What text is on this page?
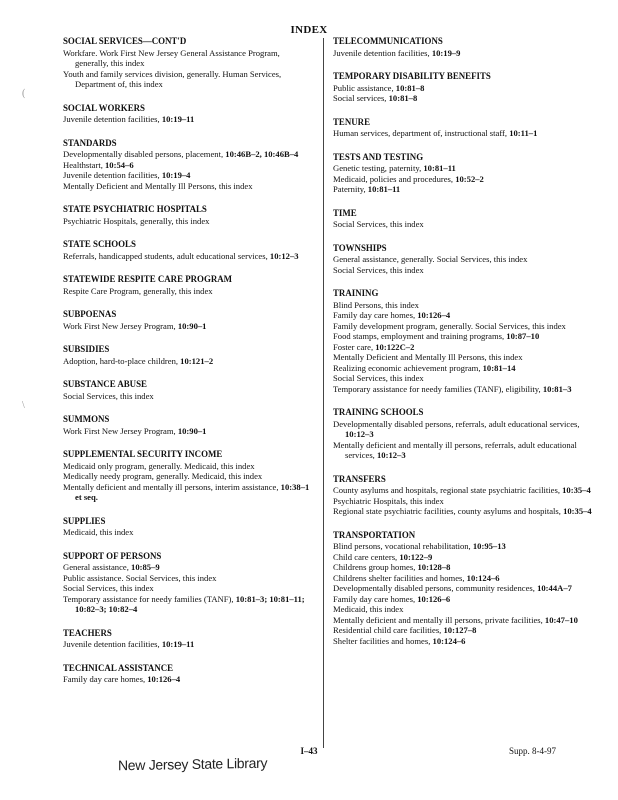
INDEX
SOCIAL SERVICES—CONT'D
Workfare. Work First New Jersey General Assistance Program, generally, this index
Youth and family services division, generally. Human Services, Department of, this index
SOCIAL WORKERS
Juvenile detention facilities, 10:19–11
STANDARDS
Developmentally disabled persons, placement, 10:46B–2, 10:46B–4
Healthstart, 10:54–6
Juvenile detention facilities, 10:19–4
Mentally Deficient and Mentally Ill Persons, this index
STATE PSYCHIATRIC HOSPITALS
Psychiatric Hospitals, generally, this index
STATE SCHOOLS
Referrals, handicapped students, adult educational services, 10:12–3
STATEWIDE RESPITE CARE PROGRAM
Respite Care Program, generally, this index
SUBPOENAS
Work First New Jersey Program, 10:90–1
SUBSIDIES
Adoption, hard-to-place children, 10:121–2
SUBSTANCE ABUSE
Social Services, this index
SUMMONS
Work First New Jersey Program, 10:90–1
SUPPLEMENTAL SECURITY INCOME
Medicaid only program, generally. Medicaid, this index
Medically needy program, generally. Medicaid, this index
Mentally deficient and mentally ill persons, interim assistance, 10:38–1 et seq.
SUPPLIES
Medicaid, this index
SUPPORT OF PERSONS
General assistance, 10:85–9
Public assistance. Social Services, this index
Social Services, this index
Temporary assistance for needy families (TANF), 10:81–3; 10:81–11; 10:82–3; 10:82–4
TEACHERS
Juvenile detention facilities, 10:19–11
TECHNICAL ASSISTANCE
Family day care homes, 10:126–4
TELECOMMUNICATIONS
Juvenile detention facilities, 10:19–9
TEMPORARY DISABILITY BENEFITS
Public assistance, 10:81–8
Social services, 10:81–8
TENURE
Human services, department of, instructional staff, 10:11–1
TESTS AND TESTING
Genetic testing, paternity, 10:81–11
Medicaid, policies and procedures, 10:52–2
Paternity, 10:81–11
TIME
Social Services, this index
TOWNSHIPS
General assistance, generally. Social Services, this index
Social Services, this index
TRAINING
Blind Persons, this index
Family day care homes, 10:126–4
Family development program, generally. Social Services, this index
Food stamps, employment and training programs, 10:87–10
Foster care, 10:122C–2
Mentally Deficient and Mentally Ill Persons, this index
Realizing economic achievement program, 10:81–14
Social Services, this index
Temporary assistance for needy families (TANF), eligibility, 10:81–3
TRAINING SCHOOLS
Developmentally disabled persons, referrals, adult educational services, 10:12–3
Mentally deficient and mentally ill persons, referrals, adult educational services, 10:12–3
TRANSFERS
County asylums and hospitals, regional state psychiatric facilities, 10:35–4
Psychiatric Hospitals, this index
Regional state psychiatric facilities, county asylums and hospitals, 10:35–4
TRANSPORTATION
Blind persons, vocational rehabilitation, 10:95–13
Child care centers, 10:122–9
Childrens group homes, 10:128–8
Childrens shelter facilities and homes, 10:124–6
Developmentally disabled persons, community residences, 10:44A–7
Family day care homes, 10:126–6
Medicaid, this index
Mentally deficient and mentally ill persons, private facilities, 10:47–10
Residential child care facilities, 10:127–8
Shelter facilities and homes, 10:124–6
I–43	Supp. 8-4-97
New Jersey State Library
(
\
